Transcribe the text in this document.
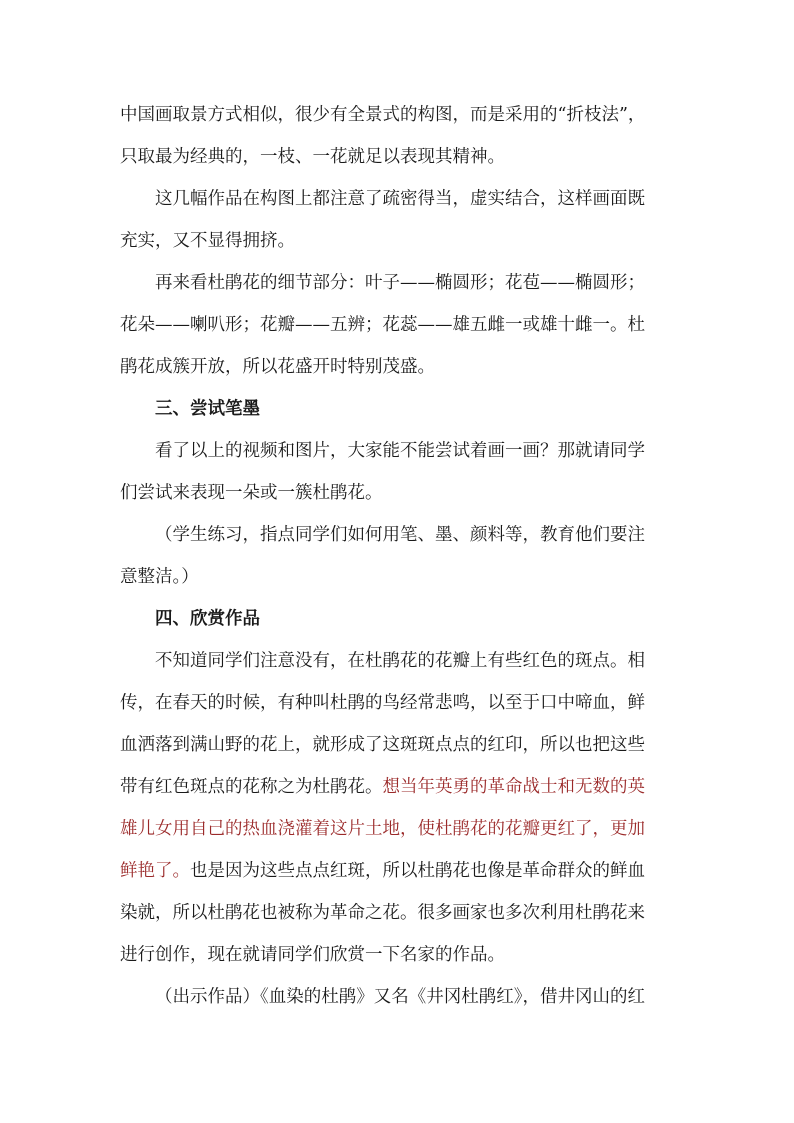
中国画取景方式相似，很少有全景式的构图，而是采用的“折枝法”，
只取最为经典的，一枝、一花就足以表现其精神。
这几幅作品在构图上都注意了疏密得当，虚实结合，这样画面既
充实，又不显得拥挤。
再来看杜鹃花的细节部分：叶子——椭圆形；花苞——椭圆形；
花朵——喇叭形；花瓣——五辨；花蕊——雄五雌一或雄十雌一。杜
鹃花成簇开放，所以花盛开时特别茂盛。
三、尝试笔墨
看了以上的视频和图片，大家能不能尝试着画一画？那就请同学
们尝试来表现一朵或一簇杜鹃花。
（学生练习，指点同学们如何用笔、墨、颜料等，教育他们要注
意整洁。）
四、欣赏作品
不知道同学们注意没有，在杜鹃花的花瓣上有些红色的斑点。相
传，在春天的时候，有种叫杜鹃的鸟经常悲鸣，以至于口中啼血，鲜
血洒落到满山野的花上，就形成了这斑斑点点的红印，所以也把这些
带有红色斑点的花称之为杜鹃花。想当年英勇的革命战士和无数的英
雄儿女用自己的热血浇灌着这片土地，使杜鹃花的花瓣更红了，更加
鲜艳了。也是因为这些点点红斑，所以杜鹃花也像是革命群众的鲜血
染就，所以杜鹃花也被称为革命之花。很多画家也多次利用杜鹃花来
进行创作，现在就请同学们欣赏一下名家的作品。
（出示作品）《血染的杜鹃》又名《井冈杜鹃红》，借井冈山的红
